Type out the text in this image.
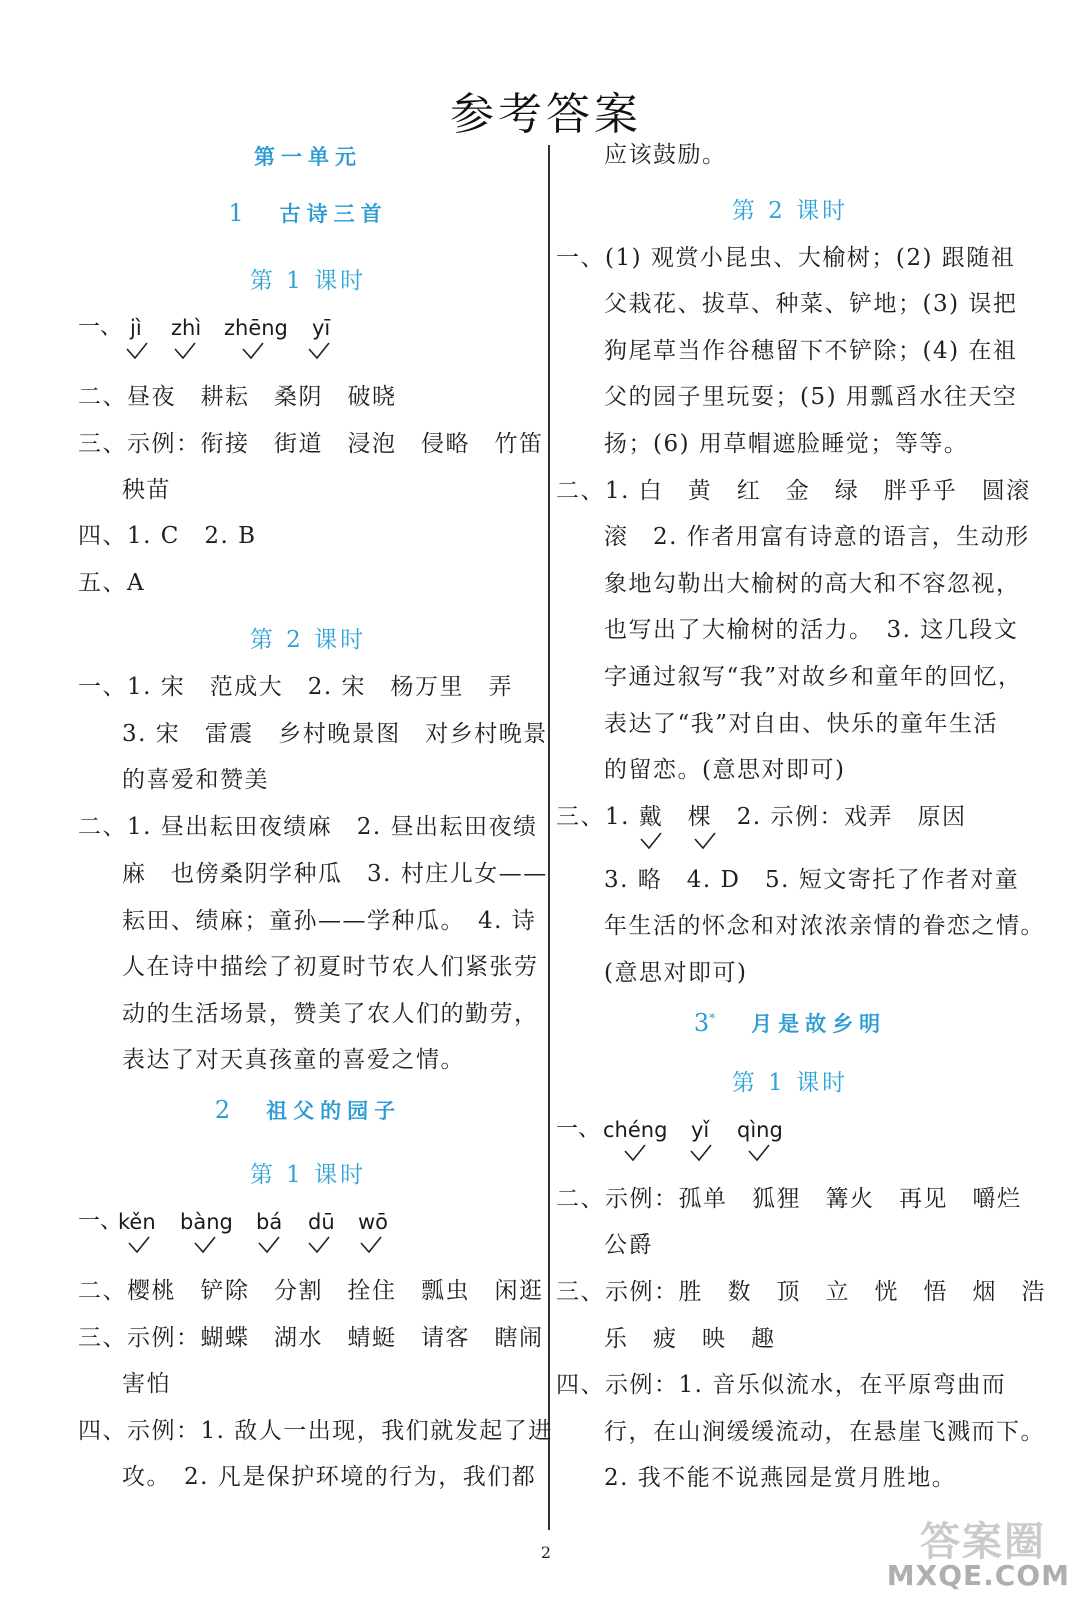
参考答案
第一单元
1 古诗三首
第 1 课时
一、 jì zhì zhēng yī
二、昼夜　耕耘　桑阴　破晓
三、示例：衔接　街道　浸泡　侵略　竹笛
秧苗
四、1. C　2. B
五、A
第 2 课时
一、1. 宋　范成大　2. 宋　杨万里　弄
3. 宋　雷震　乡村晚景图　对乡村晚景
的喜爱和赞美
二、1. 昼出耘田夜绩麻　2. 昼出耘田夜绩
麻　也傍桑阴学种瓜　3. 村庄儿女——
耘田、绩麻；童孙——学种瓜。　4. 诗
人在诗中描绘了初夏时节农人们紧张劳
动的生活场景，赞美了农人们的勤劳，
表达了对天真孩童的喜爱之情。
2 祖父的园子
第 1 课时
一、
kěn bàng bá dū wō
二、樱桃　铲除　分割　拴住　瓢虫　闲逛
三、示例：蝴蝶　湖水　蜻蜓　请客　瞎闹
害怕
四、示例：1. 敌人一出现，我们就发起了进
攻。　2. 凡是保护环境的行为，我们都
应该鼓励。
第 2 课时
一、(1) 观赏小昆虫、大榆树；(2) 跟随祖
父栽花、拔草、种菜、铲地；(3) 误把
狗尾草当作谷穗留下不铲除；(4) 在祖
父的园子里玩耍；(5) 用瓢舀水往天空
扬；(6) 用草帽遮脸睡觉；等等。
二、1. 白　黄　红　金　绿　胖乎乎　圆滚
滚　2. 作者用富有诗意的语言，生动形
象地勾勒出大榆树的高大和不容忽视，
也写出了大榆树的活力。　3. 这几段文
字通过叙写“我”对故乡和童年的回忆，
表达了“我”对自由、快乐的童年生活
的留恋。(意思对即可)
三、1. 戴　棵　2. 示例：戏弄　原因
3. 略　4. D　5. 短文寄托了作者对童
年生活的怀念和对浓浓亲情的眷恋之情。
(意思对即可)
3* 月是故乡明
第 1 课时
一、 chéng yǐ qìng
二、示例：孤单　狐狸　篝火　再见　嚼烂
公爵
三、示例：胜　数　顶　立　恍　悟　烟　浩
乐　疲　映　趣
四、示例：1. 音乐似流水，在平原弯曲而
行，在山涧缓缓流动，在悬崖飞溅而下。
2. 我不能不说燕园是赏月胜地。
2	答案圈
MXQE.COM
